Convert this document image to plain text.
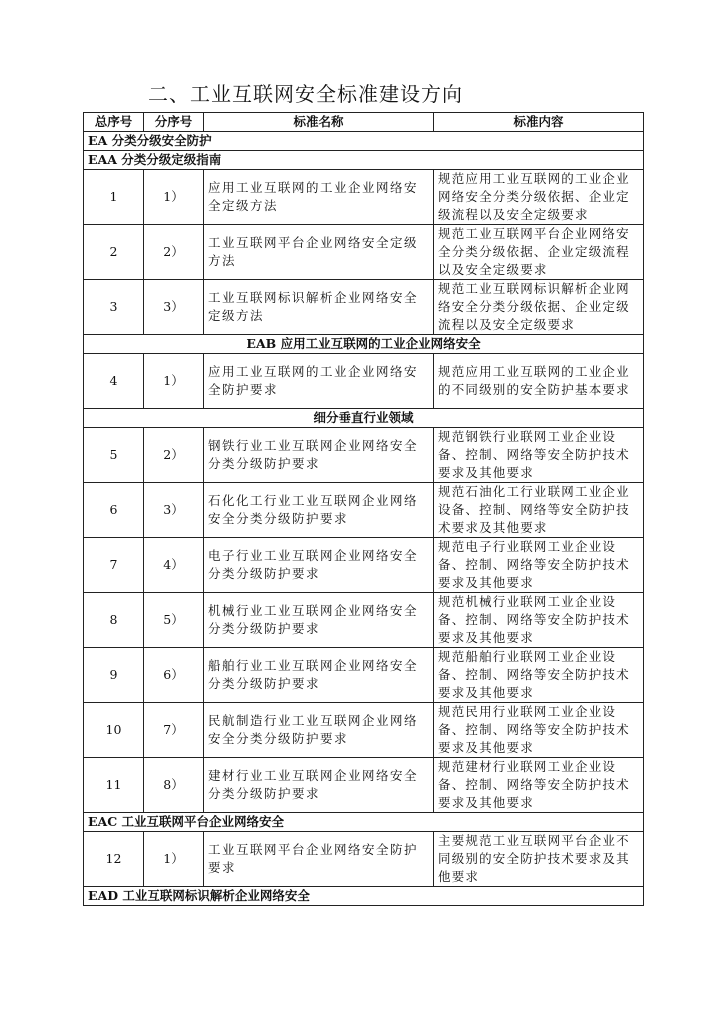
二、工业互联网安全标准建设方向
总序号	分序号	标准名称	标准内容
EA 分类分级安全防护			
EAA 分类分级定级指南			
1	1）	应用工业互联网的工业企业网络安全定级方法	规范应用工业互联网的工业企业网络安全分类分级依据、企业定级流程以及安全定级要求
2	2）	工业互联网平台企业网络安全定级方法	规范工业互联网平台企业网络安全分类分级依据、企业定级流程以及安全定级要求
3	3）	工业互联网标识解析企业网络安全定级方法	规范工业互联网标识解析企业网络安全分类分级依据、企业定级流程以及安全定级要求
EAB 应用工业互联网的工业企业网络安全			
4	1）	应用工业互联网的工业企业网络安全防护要求	规范应用工业互联网的工业企业的不同级别的安全防护基本要求
细分垂直行业领域			
5	2）	钢铁行业工业互联网企业网络安全分类分级防护要求	规范钢铁行业联网工业企业设备、控制、网络等安全防护技术要求及其他要求
6	3）	石化化工行业工业互联网企业网络安全分类分级防护要求	规范石油化工行业联网工业企业设备、控制、网络等安全防护技术要求及其他要求
7	4）	电子行业工业互联网企业网络安全分类分级防护要求	规范电子行业联网工业企业设备、控制、网络等安全防护技术要求及其他要求
8	5）	机械行业工业互联网企业网络安全分类分级防护要求	规范机械行业联网工业企业设备、控制、网络等安全防护技术要求及其他要求
9	6）	船舶行业工业互联网企业网络安全分类分级防护要求	规范船舶行业联网工业企业设备、控制、网络等安全防护技术要求及其他要求
10	7）	民航制造行业工业互联网企业网络安全分类分级防护要求	规范民用行业联网工业企业设备、控制、网络等安全防护技术要求及其他要求
11	8）	建材行业工业互联网企业网络安全分类分级防护要求	规范建材行业联网工业企业设备、控制、网络等安全防护技术要求及其他要求
EAC 工业互联网平台企业网络安全			
12	1）	工业互联网平台企业网络安全防护要求	主要规范工业互联网平台企业不同级别的安全防护技术要求及其他要求
EAD 工业互联网标识解析企业网络安全			
